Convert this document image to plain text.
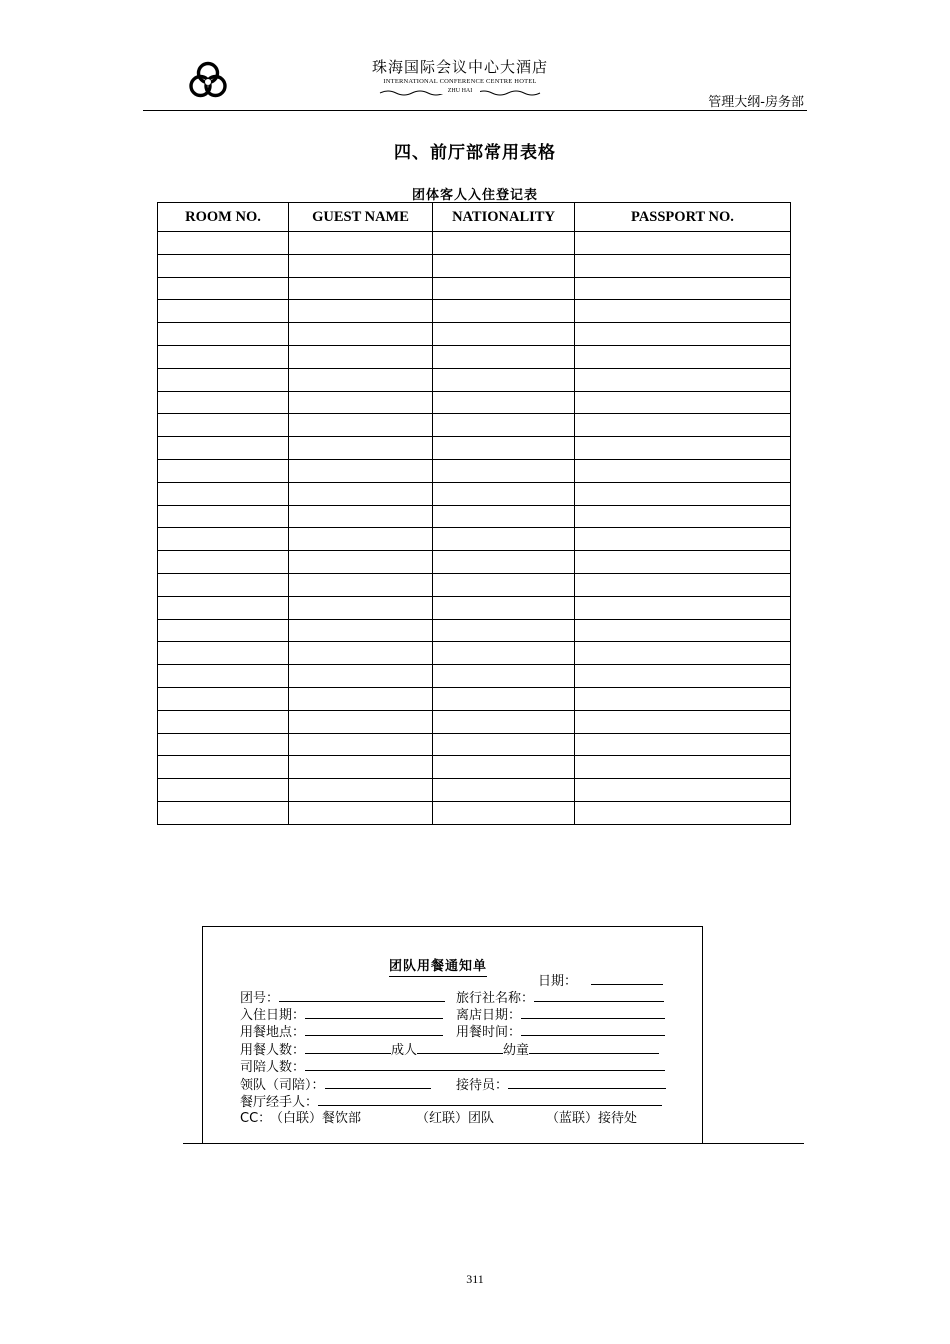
珠海国际会议中心大酒店
INTERNATIONAL CONFERENCE CENTRE HOTEL
ZHU HAI
管理大纲-房务部
四、前厅部常用表格
团体客人入住登记表
ROOM NO.	GUEST NAME	NATIONALITY	PASSPORT NO.

团队用餐通知单
日期：
团号：	旅行社名称：
入住日期：	离店日期：
用餐地点：	用餐时间：
用餐人数：	成人	幼童
司陪人数：
领队（司陪）：	接待员：
餐厅经手人：
CC：
（白联）餐饮部	（红联）团队	（蓝联）接待处
311
